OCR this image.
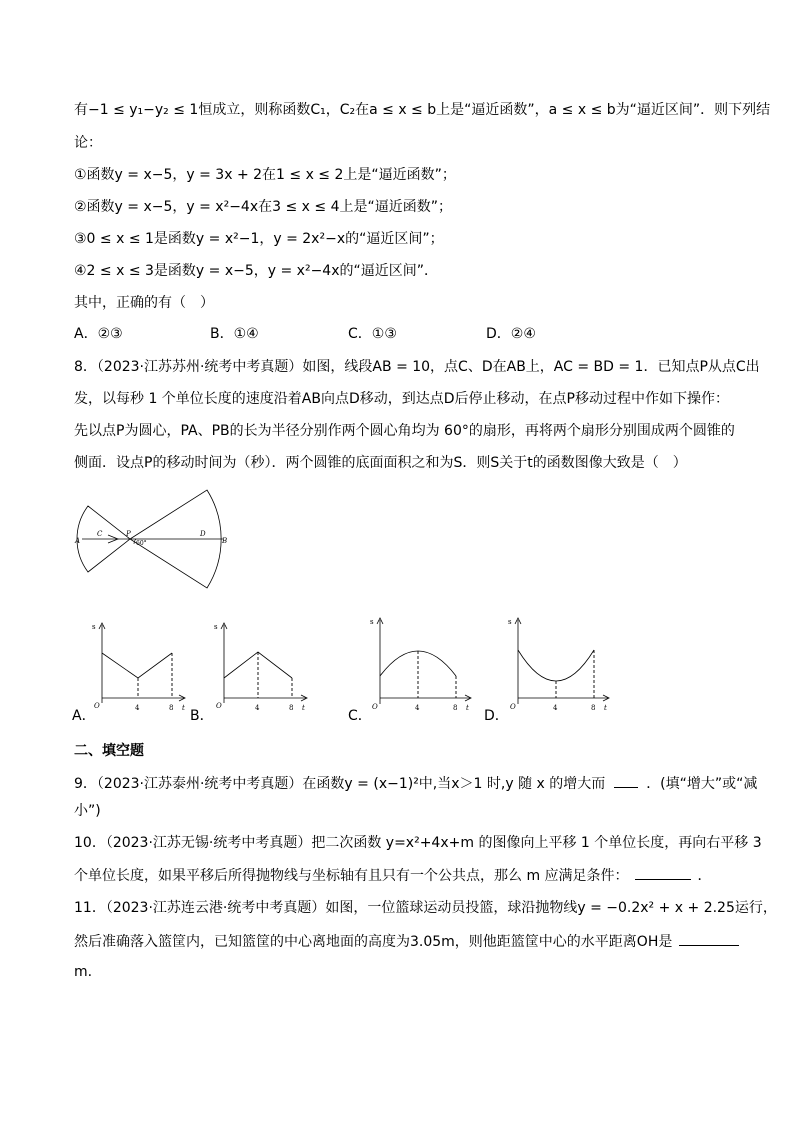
有−1 ≤ y₁−y₂ ≤ 1恒成立，则称函数C₁，C₂在a ≤ x ≤ b上是“逼近函数”，a ≤ x ≤ b为“逼近区间”．则下列结
论：
①函数y = x−5，y = 3x + 2在1 ≤ x ≤ 2上是“逼近函数”；
②函数y = x−5，y = x²−4x在3 ≤ x ≤ 4上是“逼近函数”；
③0 ≤ x ≤ 1是函数y = x²−1，y = 2x²−x的“逼近区间”；
④2 ≤ x ≤ 3是函数y = x−5，y = x²−4x的“逼近区间”．
其中，正确的有（　）
A．②③	B．①④	C．①③	D．②④
8．（2023·江苏苏州·统考中考真题）如图，线段AB = 10，点C、D在AB上，AC = BD = 1．已知点P从点C出
发，以每秒 1 个单位长度的速度沿着AB向点D移动，到达点D后停止移动，在点P移动过程中作如下操作：
先以点P为圆心，PA、PB的长为半径分别作两个圆心角均为 60°的扇形，再将两个扇形分别围成两个圆锥的
侧面．设点P的移动时间为（秒）．两个圆锥的底面面积之和为S．则S关于t的函数图像大致是（　）
A
C	P
60°
D
B
A．
s
O	4	8 t B．
s
O	4	8 t	C．
s
O	4	8 t D．
s
O	4	8 t
二、填空题
9．（2023·江苏泰州·统考中考真题）在函数y = (x−1)²中,当x＞1 时,y 随 x 的增大而	．(填“增大”或“减
小”)
10．（2023·江苏无锡·统考中考真题）把二次函数 y=x²+4x+m 的图像向上平移 1 个单位长度，再向右平移 3
个单位长度，如果平移后所得抛物线与坐标轴有且只有一个公共点，那么 m 应满足条件：	．
11．（2023·江苏连云港·统考中考真题）如图，一位篮球运动员投篮，球沿抛物线y = −0.2x² + x + 2.25运行，
然后准确落入篮筐内，已知篮筐的中心离地面的高度为3.05m，则他距篮筐中心的水平距离OH是
m.
